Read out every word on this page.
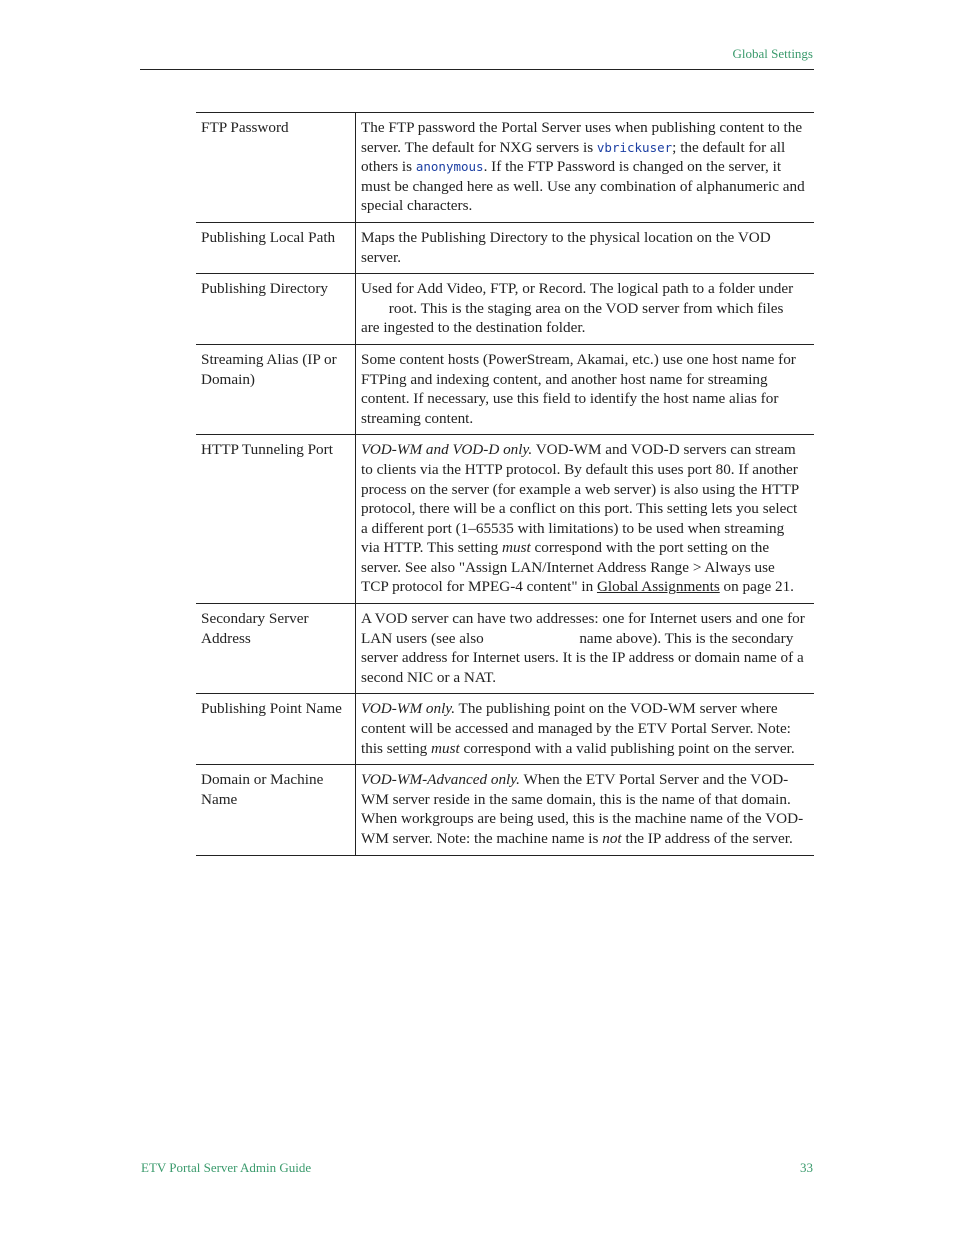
Global Settings
FTP Password	The FTP password the Portal Server uses when publishing content to the server. The default for NXG servers is vbrickuser; the default for all others is anonymous. If the FTP Password is changed on the server, it must be changed here as well. Use any combination of alphanumeric and special characters.
Publishing Local Path	Maps the Publishing Directory to the physical location on the VOD server.
Publishing Directory	Used for Add Video, FTP, or Record. The logical path to a folder under  root. This is the staging area on the VOD server from which files are ingested to the destination folder.
Streaming Alias (IP or Domain)	Some content hosts (PowerStream, Akamai, etc.) use one host name for FTPing and indexing content, and another host name for streaming content. If necessary, use this field to identify the host name alias for streaming content.
HTTP Tunneling Port	VOD-WM and VOD-D only. VOD-WM and VOD-D servers can stream to clients via the HTTP protocol. By default this uses port 80. If another process on the server (for example a web server) is also using the HTTP protocol, there will be a conflict on this port. This setting lets you select a different port (1–65535 with limitations) to be used when streaming via HTTP. This setting must correspond with the port setting on the server. See also "Assign LAN/Internet Address Range > Always use TCP protocol for MPEG-4 content" in Global Assignments on page 21.
Secondary Server Address	A VOD server can have two addresses: one for Internet users and one for LAN users (see also name above). This is the secondary server address for Internet users. It is the IP address or domain name of a second NIC or a NAT.
Publishing Point Name	VOD-WM only. The publishing point on the VOD-WM server where content will be accessed and managed by the ETV Portal Server. Note: this setting must correspond with a valid publishing point on the server.
Domain or Machine Name	VOD-WM-Advanced only. When the ETV Portal Server and the VOD-WM server reside in the same domain, this is the name of that domain. When workgroups are being used, this is the machine name of the VOD-WM server. Note: the machine name is not the IP address of the server.
ETV Portal Server Admin Guide	33
